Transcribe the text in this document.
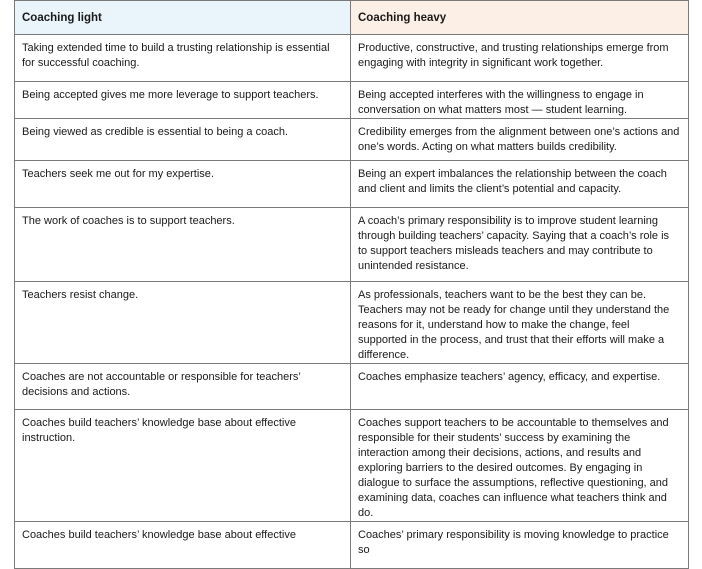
Coaching light	Coaching heavy
Taking extended time to build a trusting relationship is essential for successful coaching.	Productive, constructive, and trusting relationships emerge from engaging with integrity in significant work together.
Being accepted gives me more leverage to support teachers.	Being accepted interferes with the willingness to engage in conversation on what matters most — student learning.
Being viewed as credible is essential to being a coach.	Credibility emerges from the alignment between one’s actions and one’s words. Acting on what matters builds credibility.
Teachers seek me out for my expertise.	Being an expert imbalances the relationship between the coach and client and limits the client’s potential and capacity.
The work of coaches is to support teachers.	A coach’s primary responsibility is to improve student learning through building teachers’ capacity. Saying that a coach’s role is to support teachers misleads teachers and may contribute to unintended resistance.
Teachers resist change.	As professionals, teachers want to be the best they can be. Teachers may not be ready for change until they understand the reasons for it, understand how to make the change, feel supported in the process, and trust that their efforts will make a difference.
Coaches are not accountable or responsible for teachers’ decisions and actions.	Coaches emphasize teachers’ agency, efficacy, and expertise.
Coaches build teachers’ knowledge base about effective instruction.	Coaches support teachers to be accountable to themselves and responsible for their students’ success by examining the interaction among their decisions, actions, and results and exploring barriers to the desired outcomes. By engaging in dialogue to surface the assumptions, reflective questioning, and examining data, coaches can influence what teachers think and do.
Coaches build teachers’ knowledge base about effective	Coaches’ primary responsibility is moving knowledge to practice so
